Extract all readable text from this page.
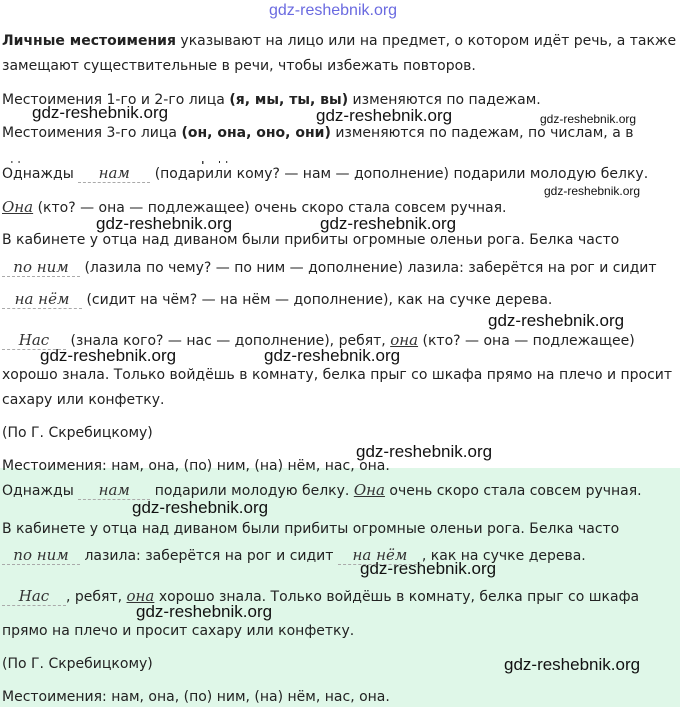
gdz-reshebnik.org
Личные местоимения указывают на лицо или на предмет, о котором идёт речь, а также
замещают существительные в речи, чтобы избежать повторов.
Местоимения 1-го и 2-го лица (я, мы, ты, вы) изменяются по падежам.
Местоимения 3-го лица (он, она, оно, они) изменяются по падежам, по числам, а в
Однажды нам (подарили кому? — нам — дополнение) подарили молодую белку.
Она (кто? — она — подлежащее) очень скоро стала совсем ручная.
В кабинете у отца над диваном были прибиты огромные оленьи рога. Белка часто
по ним (лазила по чему? — по ним — дополнение) лазила: заберётся на рог и сидит
на нём (сидит на чём? — на нём — дополнение), как на сучке дерева.
Нас (знала кого? — нас — дополнение), ребят, она (кто? — она — подлежащее)
хорошо знала. Только войдёшь в комнату, белка прыг со шкафа прямо на плечо и просит
сахару или конфетку.
(По Г. Скребицкому)
Местоимения: нам, она, (по) ним, (на) нём, нас, она.
Однажды нам подарили молодую белку. Она очень скоро стала совсем ручная.
В кабинете у отца над диваном были прибиты огромные оленьи рога. Белка часто
по ним лазила: заберётся на рог и сидит на нём , как на сучке дерева.
Нас , ребят, она хорошо знала. Только войдёшь в комнату, белка прыг со шкафа
прямо на плечо и просит сахару или конфетку.
(По Г. Скребицкому)
Местоимения: нам, она, (по) ним, (на) нём, нас, она.
gdz-reshebnik.org	gdz-reshebnik.org	gdz-reshebnik.org
gdz-reshebnik.org
gdz-reshebnik.org	gdz-reshebnik.org
gdz-reshebnik.org
gdz-reshebnik.org	gdz-reshebnik.org
gdz-reshebnik.org
gdz-reshebnik.org
gdz-reshebnik.org
gdz-reshebnik.org
gdz-reshebnik.org
